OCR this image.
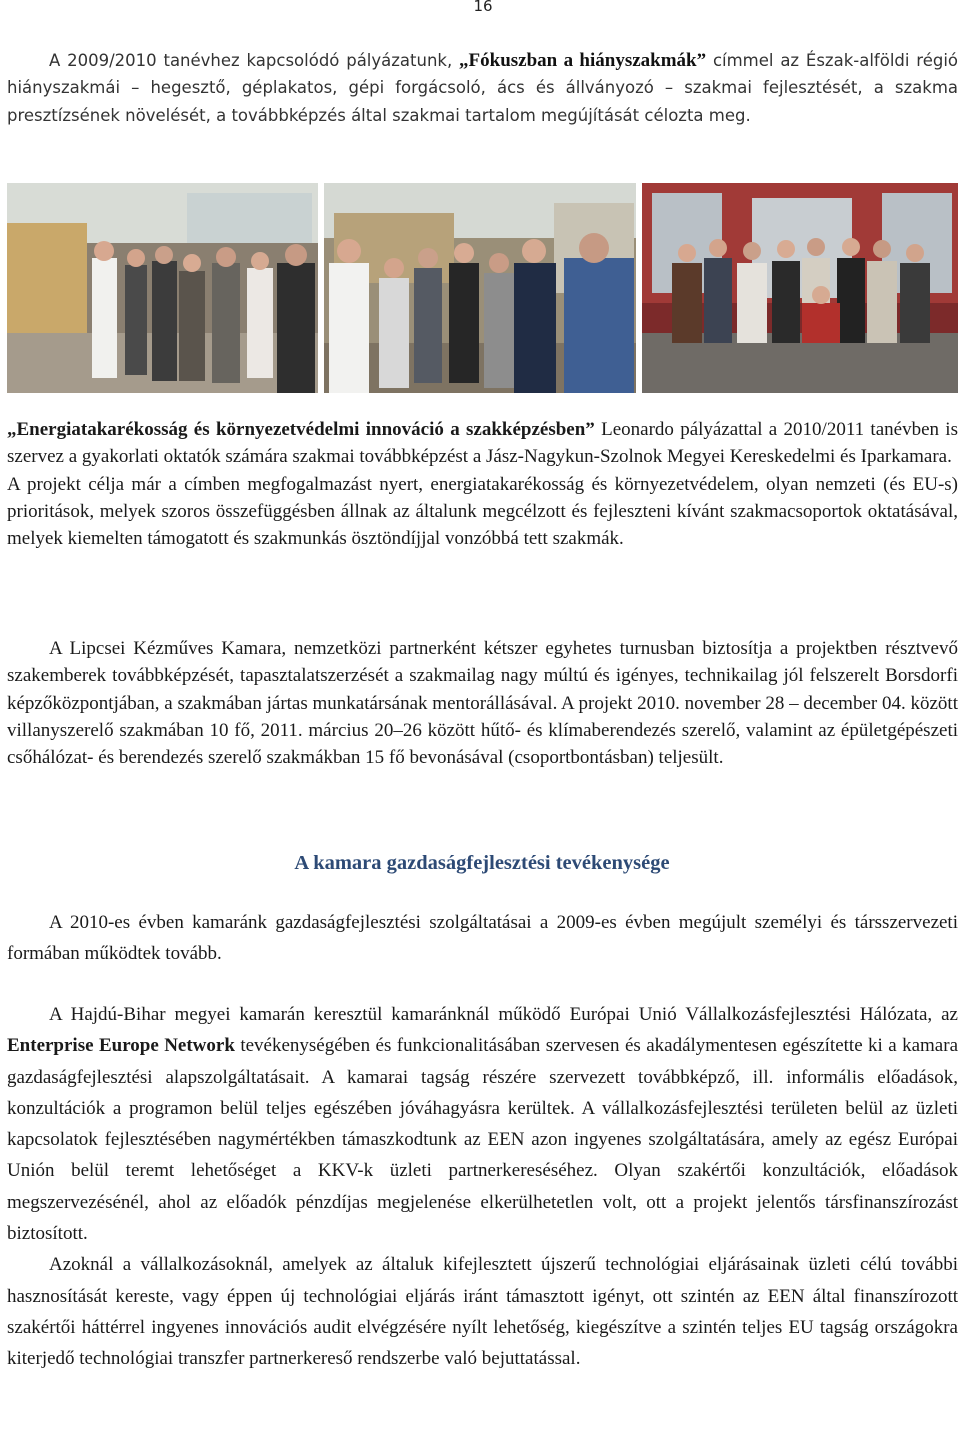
16

A 2009/2010 tanévhez kapcsolódó pályázatunk, „Fókuszban a hiányszakmák” címmel az Észak-alföldi régió hiányszakmái – hegesztő, géplakatos, gépi forgácsoló, ács és állványozó – szakmai fejlesztését, a szakma presztízsének növelését, a továbbképzés által szakmai tartalom megújítását célozta meg.

„Energiatakarékosság és környezetvédelmi innováció a szakképzésben” Leonardo pályázattal a 2010/2011 tanévben is szervez a gyakorlati oktatók számára szakmai továbbképzést a Jász-Nagykun-Szolnok Megyei Kereskedelmi és Iparkamara.

A projekt célja már a címben megfogalmazást nyert, energiatakarékosság és környezetvédelem, olyan nemzeti (és EU-s) prioritások, melyek szoros összefüggésben állnak az általunk megcélzott és fejleszteni kívánt szakmacsoportok oktatásával, melyek kiemelten támogatott és szakmunkás ösztöndíjjal vonzóbbá tett szakmák.

A Lipcsei Kézműves Kamara, nemzetközi partnerként kétszer egyhetes turnusban biztosítja a projektben résztvevő szakemberek továbbképzését, tapasztalatszerzését a szakmailag nagy múltú és igényes, technikailag jól felszerelt Borsdorfi képzőközpontjában, a szakmában jártas munkatársának mentorállásával. A projekt 2010. november 28 – december 04. között villanyszerelő szakmában 10 fő, 2011. március 20–26 között hűtő- és klímaberendezés szerelő, valamint az épületgépészeti csőhálózat- és berendezés szerelő szakmákban 15 fő bevonásával (csoportbontásban) teljesült.

A kamara gazdaságfejlesztési tevékenysége

A 2010-es évben kamaránk gazdaságfejlesztési szolgáltatásai a 2009-es évben megújult személyi és társszervezeti formában működtek tovább.

A Hajdú-Bihar megyei kamarán keresztül kamaránknál működő Európai Unió Vállalkozásfejlesztési Hálózata, az Enterprise Europe Network tevékenységében és funkcionalitásában szervesen és akadálymentesen egészítette ki a kamara gazdaságfejlesztési alapszolgáltatásait. A kamarai tagság részére szervezett továbbképző, ill. informális előadások, konzultációk a programon belül teljes egészében jóváhagyásra kerültek. A vállalkozásfejlesztési területen belül az üzleti kapcsolatok fejlesztésében nagymértékben támaszkodtunk az EEN azon ingyenes szolgáltatására, amely az egész Európai Unión belül teremt lehetőséget a KKV-k üzleti partnerkereséséhez. Olyan szakértői konzultációk, előadások megszervezésénél, ahol az előadók pénzdíjas megjelenése elkerülhetetlen volt, ott a projekt jelentős társfinanszírozást biztosított.

Azoknál a vállalkozásoknál, amelyek az általuk kifejlesztett újszerű technológiai eljárásainak üzleti célú további hasznosítását kereste, vagy éppen új technológiai eljárás iránt támasztott igényt, ott szintén az EEN által finanszírozott szakértői háttérrel ingyenes innovációs audit elvégzésére nyílt lehetőség, kiegészítve a szintén teljes EU tagság országokra kiterjedő technológiai transzfer partnerkereső rendszerbe való bejuttatással.
